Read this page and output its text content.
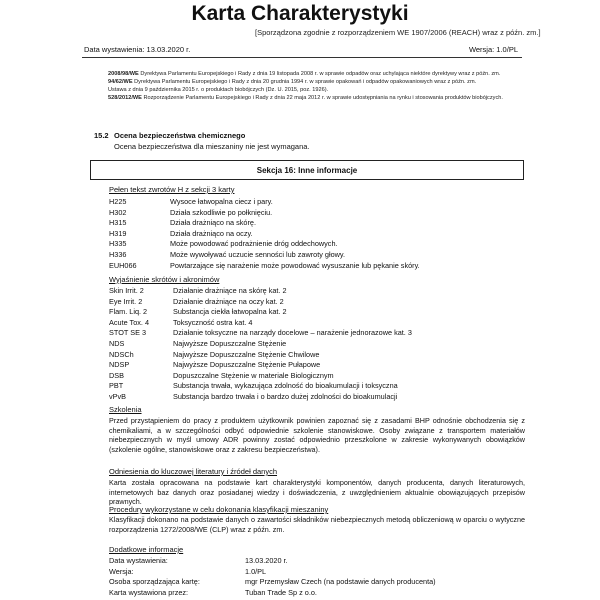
Karta Charakterystyki
[Sporządzona zgodnie z rozporządzeniem WE 1907/2006 (REACH) wraz z późn. zm.]
Data wystawienia: 13.03.2020 r.	Wersja: 1.0/PL

2008/98/WE Dyrektywa Parlamentu Europejskiego i Rady z dnia 19 listopada 2008 r. w sprawie odpadów oraz uchylająca niektóre dyrektywy wraz z późn. zm.

94/62/WE Dyrektywa Parlamentu Europejskiego i Rady z dnia 20 grudnia 1994 r. w sprawie opakowań i odpadów opakowaniowych wraz z późn. zm.

Ustawa z dnia 9 października 2015 r. o produktach biobójczych (Dz. U. 2015, poz. 1926).

528/2012/WE Rozporządzenie Parlamentu Europejskiego i Rady z dnia 22 maja 2012 r. w sprawie udostępniania na rynku i stosowania produktów biobójczych.

15.2 Ocena bezpieczeństwa chemicznego
Ocena bezpieczeństwa dla mieszaniny nie jest wymagana.
Sekcja 16: Inne informacje
Pełen tekst zwrotów H z sekcji 3 karty
H225	Wysoce łatwopalna ciecz i pary.
H302	Działa szkodliwie po połknięciu.
H315	Działa drażniąco na skórę.
H319	Działa drażniąco na oczy.
H335	Może powodować podrażnienie dróg oddechowych.
H336	Może wywoływać uczucie senności lub zawroty głowy.
EUH066	Powtarzające się narażenie może powodować wysuszanie lub pękanie skóry.
Wyjaśnienie skrótów i akronimów
Skin Irrit. 2	Działanie drażniące na skórę kat. 2
Eye Irrit. 2	Działanie drażniące na oczy kat. 2
Flam. Liq. 2	Substancja ciekła łatwopalna kat. 2
Acute Tox. 4	Toksyczność ostra kat. 4
STOT SE 3	Działanie toksyczne na narządy docelowe – narażenie jednorazowe kat. 3
NDS	Najwyższe Dopuszczalne Stężenie
NDSCh	Najwyższe Dopuszczalne Stężenie Chwilowe
NDSP	Najwyższe Dopuszczalne Stężenie Pułapowe
DSB	Dopuszczalne Stężenie w materiale Biologicznym
PBT	Substancja trwała, wykazująca zdolność do bioakumulacji i toksyczna
vPvB	Substancja bardzo trwała i o bardzo dużej zdolności do bioakumulacji
Szkolenia
Przed przystąpieniem do pracy z produktem użytkownik powinien zapoznać się z zasadami BHP odnośnie obchodzenia się z chemikaliami, a w szczególności odbyć odpowiednie szkolenie stanowiskowe. Osoby związane z transportem materiałów niebezpiecznych w myśl umowy ADR powinny zostać odpowiednio przeszkolone w zakresie wykonywanych obowiązków (szkolenie ogólne, stanowiskowe oraz z zakresu bezpieczeństwa).
Odniesienia do kluczowej literatury i źródeł danych
Karta została opracowana na podstawie kart charakterystyki komponentów, danych producenta, danych literaturowych, internetowych baz danych oraz posiadanej wiedzy i doświadczenia, z uwzględnieniem aktualnie obowiązujących przepisów prawnych.
Procedury wykorzystane w celu dokonania klasyfikacji mieszaniny
Klasyfikacji dokonano na podstawie danych o zawartości składników niebezpiecznych metodą obliczeniową w oparciu o wytyczne rozporządzenia 1272/2008/WE (CLP) wraz z późn. zm.
Dodatkowe informacje
Data wystawienia:	13.03.2020 r.
Wersja:	1.0/PL
Osoba sporządzająca kartę:	mgr Przemysław Czech (na podstawie danych producenta)
Karta wystawiona przez:	Tuban Trade Sp z o.o.
